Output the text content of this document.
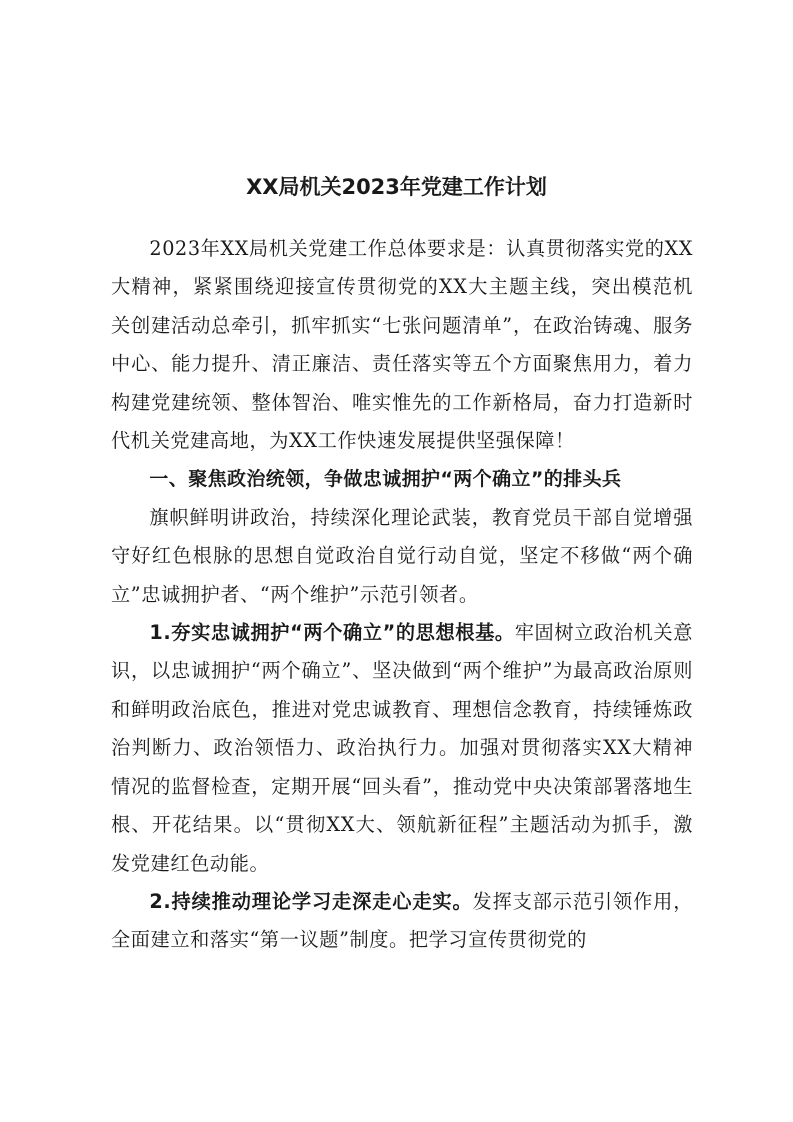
XX局机关2023年党建工作计划

2023年XX局机关党建工作总体要求是：认真贯彻落实党的XX大精神，紧紧围绕迎接宣传贯彻党的XX大主题主线，突出模范机关创建活动总牵引，抓牢抓实“七张问题清单”，在政治铸魂、服务中心、能力提升、清正廉洁、责任落实等五个方面聚焦用力，着力构建党建统领、整体智治、唯实惟先的工作新格局，奋力打造新时代机关党建高地，为XX工作快速发展提供坚强保障！

一、聚焦政治统领，争做忠诚拥护“两个确立”的排头兵

旗帜鲜明讲政治，持续深化理论武装，教育党员干部自觉增强守好红色根脉的思想自觉政治自觉行动自觉，坚定不移做“两个确立”忠诚拥护者、“两个维护”示范引领者。

1.夯实忠诚拥护“两个确立”的思想根基。牢固树立政治机关意识，以忠诚拥护“两个确立”、坚决做到“两个维护”为最高政治原则和鲜明政治底色，推进对党忠诚教育、理想信念教育，持续锤炼政治判断力、政治领悟力、政治执行力。加强对贯彻落实XX大精神情况的监督检查，定期开展“回头看”，推动党中央决策部署落地生根、开花结果。以“贯彻XX大、领航新征程”主题活动为抓手，激发党建红色动能。

2.持续推动理论学习走深走心走实。发挥支部示范引领作用，全面建立和落实“第一议题”制度。把学习宣传贯彻党的
